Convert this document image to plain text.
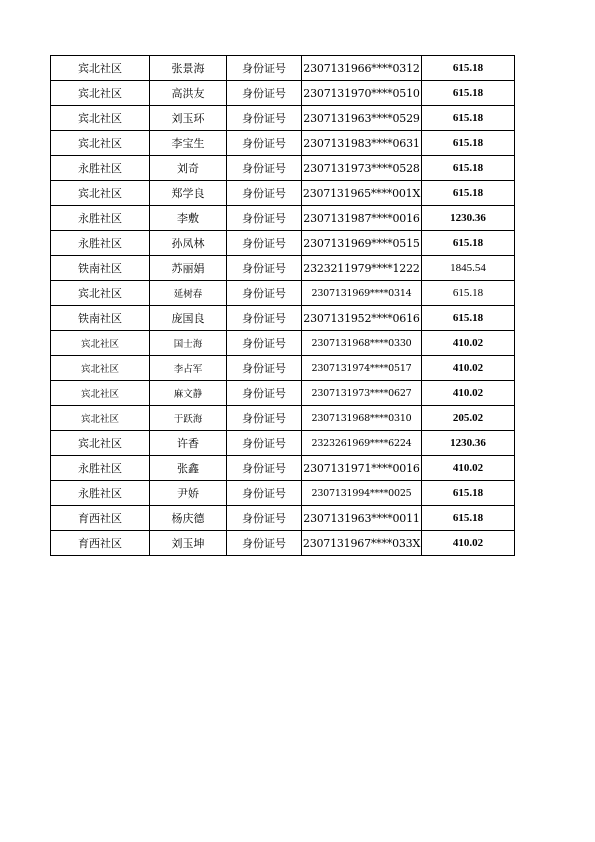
宾北社区	张景海	身份证号	2307131966****0312	615.18
宾北社区	高洪友	身份证号	2307131970****0510	615.18
宾北社区	刘玉环	身份证号	2307131963****0529	615.18
宾北社区	李宝生	身份证号	2307131983****0631	615.18
永胜社区	刘奇	身份证号	2307131973****0528	615.18
宾北社区	郑学良	身份证号	2307131965****001X	615.18
永胜社区	李敷	身份证号	2307131987****0016	1230.36
永胜社区	孙凤林	身份证号	2307131969****0515	615.18
铁南社区	苏丽娟	身份证号	2323211979****1222	1845.54
宾北社区	延树春	身份证号	2307131969****0314	615.18
铁南社区	庞国良	身份证号	2307131952****0616	615.18
宾北社区	国士海	身份证号	2307131968****0330	410.02
宾北社区	李占军	身份证号	2307131974****0517	410.02
宾北社区	麻文静	身份证号	2307131973****0627	410.02
宾北社区	于跃海	身份证号	2307131968****0310	205.02
宾北社区	许香	身份证号	2323261969****6224	1230.36
永胜社区	张鑫	身份证号	2307131971****0016	410.02
永胜社区	尹娇	身份证号	2307131994****0025	615.18
育西社区	杨庆德	身份证号	2307131963****0011	615.18
育西社区	刘玉坤	身份证号	2307131967****033X	410.02
